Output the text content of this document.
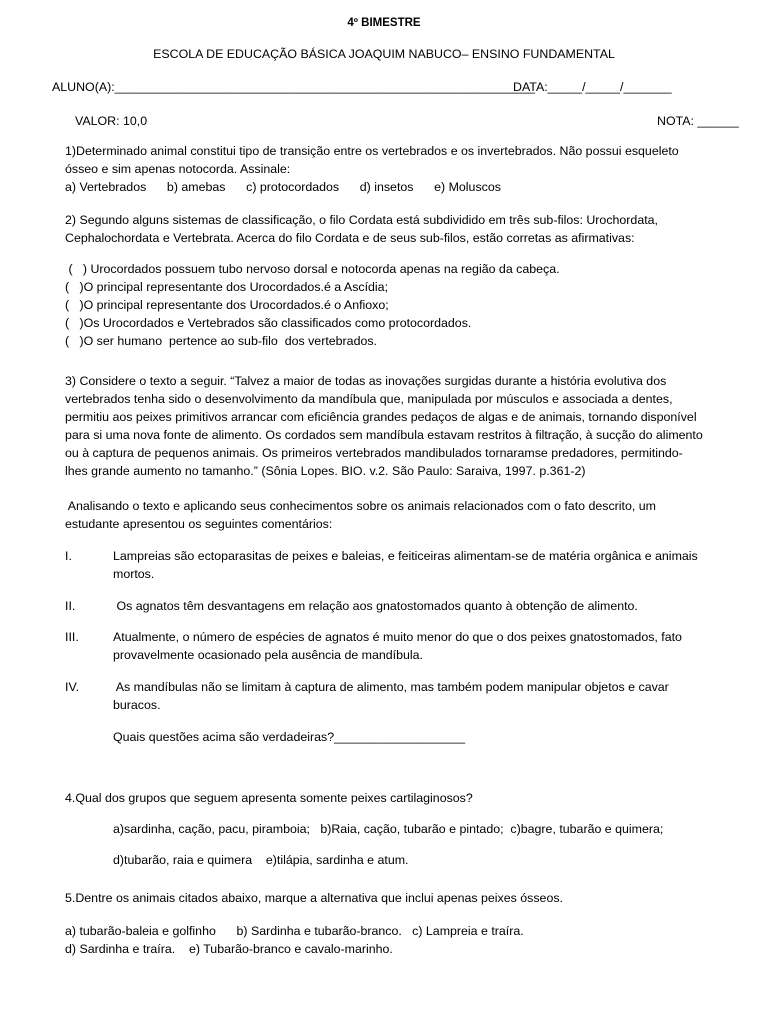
4º BIMESTRE
ESCOLA DE EDUCAÇÃO BÁSICA JOAQUIM NABUCO– ENSINO FUNDAMENTAL
ALUNO(A):_____________________________________________________________
DATA:_____/_____/_______
VALOR: 10,0	NOTA: ______
1)Determinado animal constitui tipo de transição entre os vertebrados e os invertebrados. Não possui esqueleto
ósseo e sim apenas notocorda. Assinale:
a) Vertebrados      b) amebas      c) protocordados      d) insetos      e) Moluscos
2) Segundo alguns sistemas de classificação, o filo Cordata está subdividido em três sub-filos: Urochordata,
Cephalochordata e Vertebrata. Acerca do filo Cordata e de seus sub-filos, estão corretas as afirmativas:
(   ) Urocordados possuem tubo nervoso dorsal e notocorda apenas na região da cabeça.
(   )O principal representante dos Urocordados.é a Ascídia;
(   )O principal representante dos Urocordados.é o Anfioxo;
(   )Os Urocordados e Vertebrados são classificados como protocordados.
(   )O ser humano  pertence ao sub-filo  dos vertebrados.
3) Considere o texto a seguir. “Talvez a maior de todas as inovações surgidas durante a história evolutiva dos
vertebrados tenha sido o desenvolvimento da mandíbula que, manipulada por músculos e associada a dentes,
permitiu aos peixes primitivos arrancar com eficiência grandes pedaços de algas e de animais, tornando disponível
para si uma nova fonte de alimento. Os cordados sem mandíbula estavam restritos à filtração, à sucção do alimento
ou à captura de pequenos animais. Os primeiros vertebrados mandibulados tornaramse predadores, permitindo-
lhes grande aumento no tamanho.” (Sônia Lopes. BIO. v.2. São Paulo: Saraiva, 1997. p.361-2)
Analisando o texto e aplicando seus conhecimentos sobre os animais relacionados com o fato descrito, um
estudante apresentou os seguintes comentários:
I.	Lampreias são ectoparasitas de peixes e baleias, e feiticeiras alimentam-se de matéria orgânica e animais
mortos.
II.	Os agnatos têm desvantagens em relação aos gnatostomados quanto à obtenção de alimento.
III.	Atualmente, o número de espécies de agnatos é muito menor do que o dos peixes gnatostomados, fato
provavelmente ocasionado pela ausência de mandíbula.
IV.	As mandíbulas não se limitam à captura de alimento, mas também podem manipular objetos e cavar
buracos.
Quais questões acima são verdadeiras?___________________
4.Qual dos grupos que seguem apresenta somente peixes cartilaginosos?
a)sardinha, cação, pacu, piramboia;   b)Raia, cação, tubarão e pintado;  c)bagre, tubarão e quimera;
d)tubarão, raia e quimera    e)tilápia, sardinha e atum.
5.Dentre os animais citados abaixo, marque a alternativa que inclui apenas peixes ósseos.
a) tubarão-baleia e golfinho      b) Sardinha e tubarão-branco.   c) Lampreia e traíra.
d) Sardinha e traíra.    e) Tubarão-branco e cavalo-marinho.
